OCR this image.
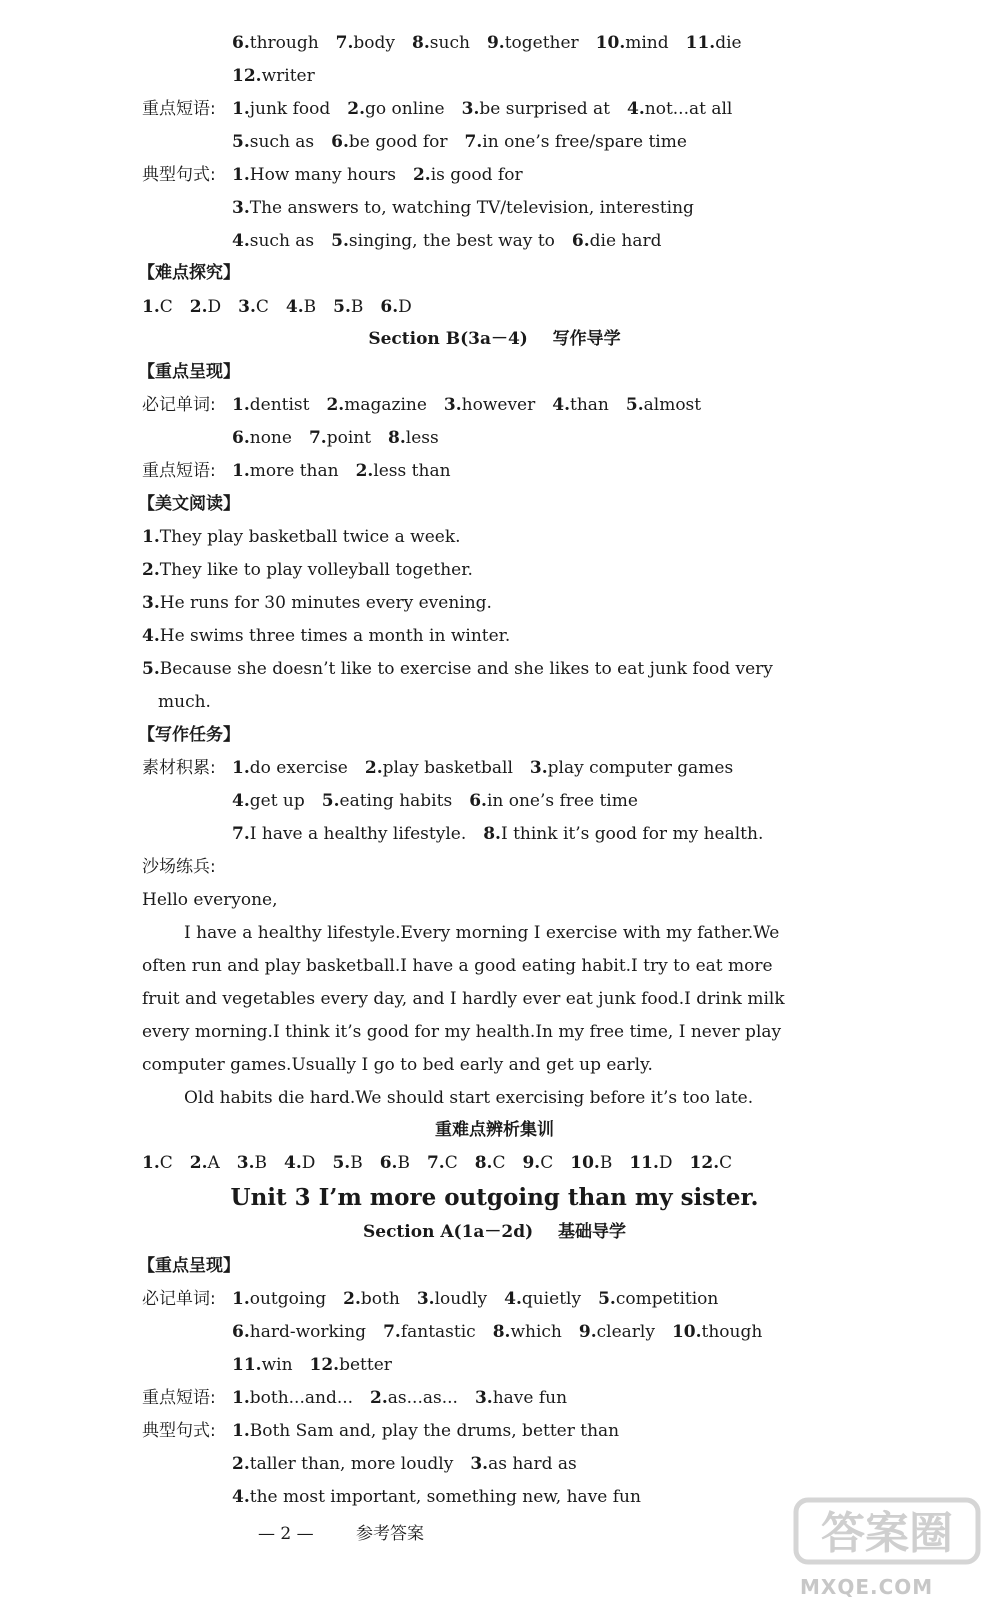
6.through 7.body 8.such 9.together 10.mind 11.die
12.writer
重点短语: 1.junk food 2.go online 3.be surprised at 4.not...at all
5.such as 6.be good for 7.in one’s free/spare time
典型句式: 1.How many hours 2.is good for
3.The answers to, watching TV/television, interesting
4.such as 5.singing, the best way to 6.die hard
【难点探究】
1.C 2.D 3.C 4.B 5.B 6.D
Section B(3a－4) 写作导学
【重点呈现】
必记单词: 1.dentist 2.magazine 3.however 4.than 5.almost
6.none 7.point 8.less
重点短语: 1.more than 2.less than
【美文阅读】
1.They play basketball twice a week.
2.They like to play volleyball together.
3.He runs for 30 minutes every evening.
4.He swims three times a month in winter.
5.Because she doesn’t like to exercise and she likes to eat junk food very
much.
【写作任务】
素材积累: 1.do exercise 2.play basketball 3.play computer games
4.get up 5.eating habits 6.in one’s free time
7.I have a healthy lifestyle. 8.I think it’s good for my health.
沙场练兵:
Hello everyone,
I have a healthy lifestyle.Every morning I exercise with my father.We
often run and play basketball.I have a good eating habit.I try to eat more
fruit and vegetables every day, and I hardly ever eat junk food.I drink milk
every morning.I think it’s good for my health.In my free time, I never play
computer games.Usually I go to bed early and get up early.
Old habits die hard.We should start exercising before it’s too late.
重难点辨析集训
1.C 2.A 3.B 4.D 5.B 6.B 7.C 8.C 9.C 10.B 11.D 12.C
Unit 3 I’m more outgoing than my sister.
Section A(1a－2d) 基础导学
【重点呈现】
必记单词: 1.outgoing 2.both 3.loudly 4.quietly 5.competition
6.hard-working 7.fantastic 8.which 9.clearly 10.though
11.win 12.better
重点短语: 1.both...and... 2.as...as... 3.have fun
典型句式: 1.Both Sam and, play the drums, better than
2.taller than, more loudly 3.as hard as
4.the most important, something new, have fun
— 2 — 参考答案	答案圈
MXQE.COM
